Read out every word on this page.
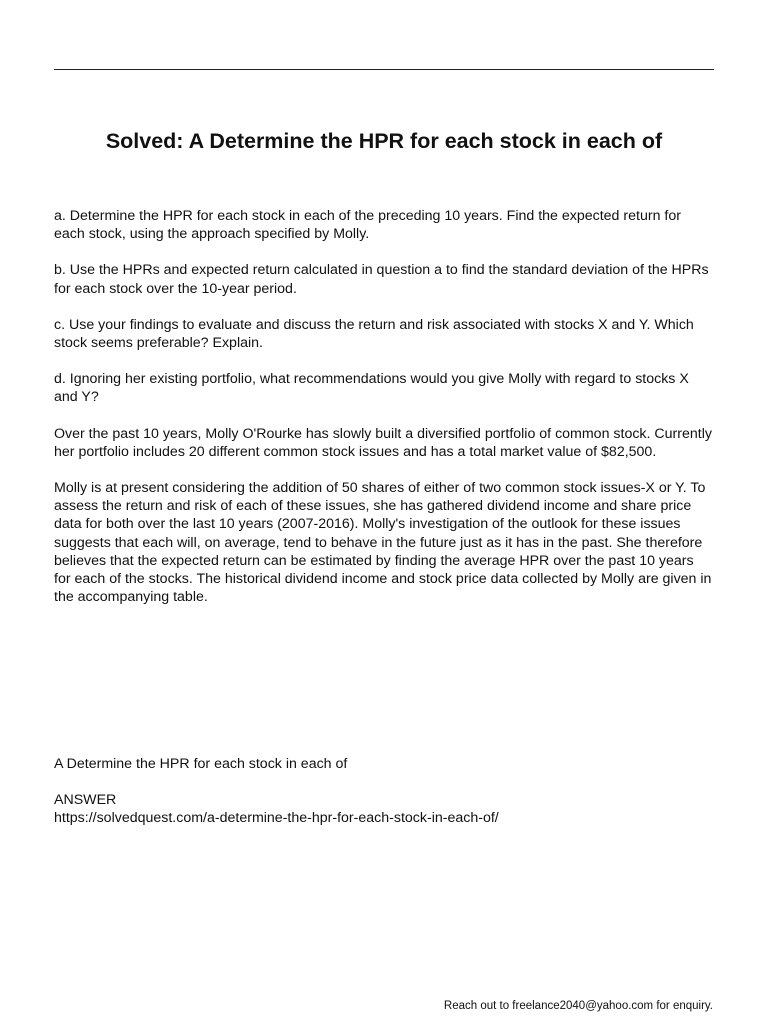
Solved: A Determine the HPR for each stock in each of

a. Determine the HPR for each stock in each of the preceding 10 years. Find the expected return for each stock, using the approach specified by Molly.

b. Use the HPRs and expected return calculated in question a to find the standard deviation of the HPRs for each stock over the 10-year period.

c. Use your findings to evaluate and discuss the return and risk associated with stocks X and Y. Which stock seems preferable? Explain.

d. Ignoring her existing portfolio, what recommendations would you give Molly with regard to stocks X and Y?

Over the past 10 years, Molly O'Rourke has slowly built a diversified portfolio of common stock. Currently her portfolio includes 20 different common stock issues and has a total market value of $82,500.

Molly is at present considering the addition of 50 shares of either of two common stock issues-X or Y. To assess the return and risk of each of these issues, she has gathered dividend income and share price data for both over the last 10 years (2007-2016). Molly's investigation of the outlook for these issues suggests that each will, on average, tend to behave in the future just as it has in the past. She therefore believes that the expected return can be estimated by finding the average HPR over the past 10 years for each of the stocks. The historical dividend income and stock price data collected by Molly are given in the accompanying table.

A Determine the HPR for each stock in each of

ANSWER
https://solvedquest.com/a-determine-the-hpr-for-each-stock-in-each-of/
Reach out to freelance2040@yahoo.com for enquiry.
